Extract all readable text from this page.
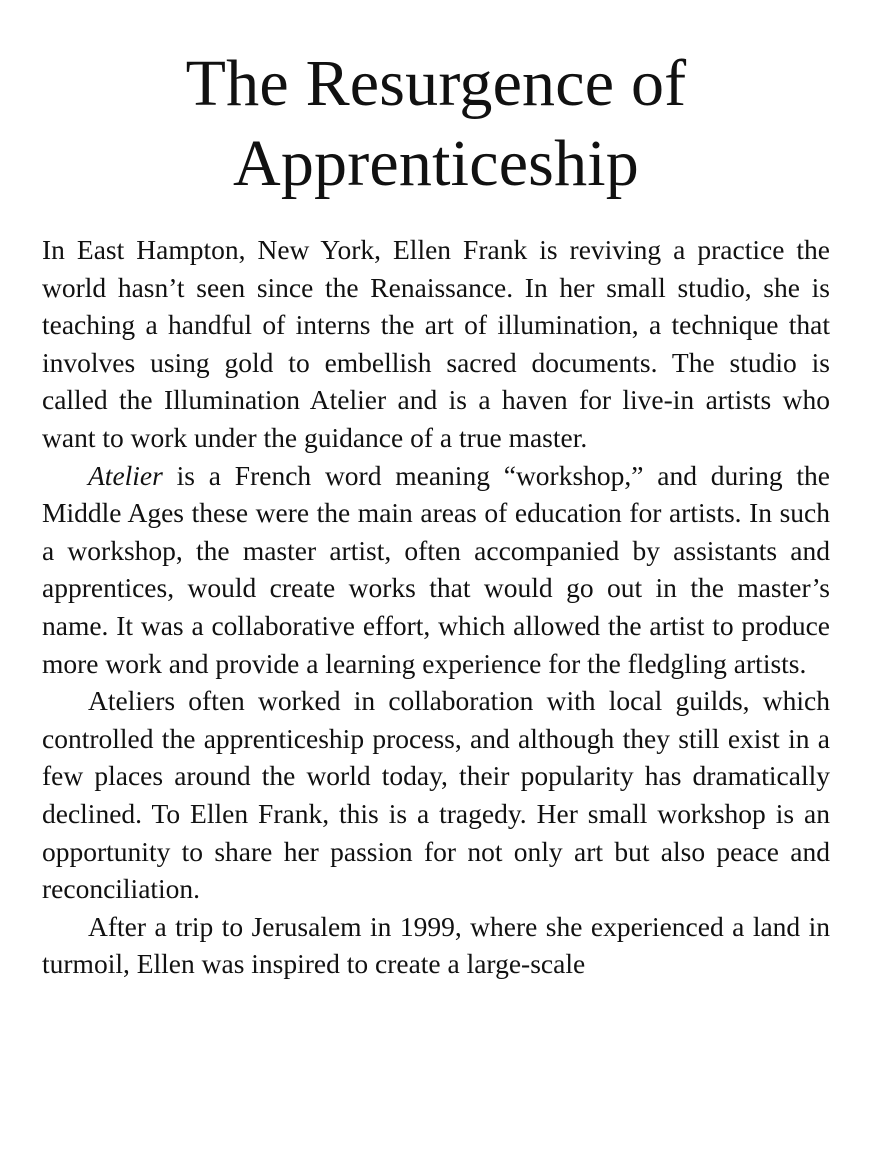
The Resurgence of
Apprenticeship

In East Hampton, New York, Ellen Frank is reviving a practice the world hasn’t seen since the Renaissance. In her small studio, she is teaching a handful of interns the art of illumination, a technique that involves using gold to embellish sacred documents. The studio is called the Illumination Atelier and is a haven for live-in artists who want to work under the guidance of a true master.

Atelier is a French word meaning “workshop,” and during the Middle Ages these were the main areas of education for artists. In such a workshop, the master artist, often accompanied by assistants and apprentices, would create works that would go out in the master’s name. It was a collaborative effort, which allowed the artist to produce more work and provide a learning experience for the fledgling artists.

Ateliers often worked in collaboration with local guilds, which controlled the apprenticeship process, and although they still exist in a few places around the world today, their popularity has dramatically declined. To Ellen Frank, this is a tragedy. Her small workshop is an opportunity to share her passion for not only art but also peace and reconciliation.

After a trip to Jerusalem in 1999, where she experienced a land in turmoil, Ellen was inspired to create a large-scale
